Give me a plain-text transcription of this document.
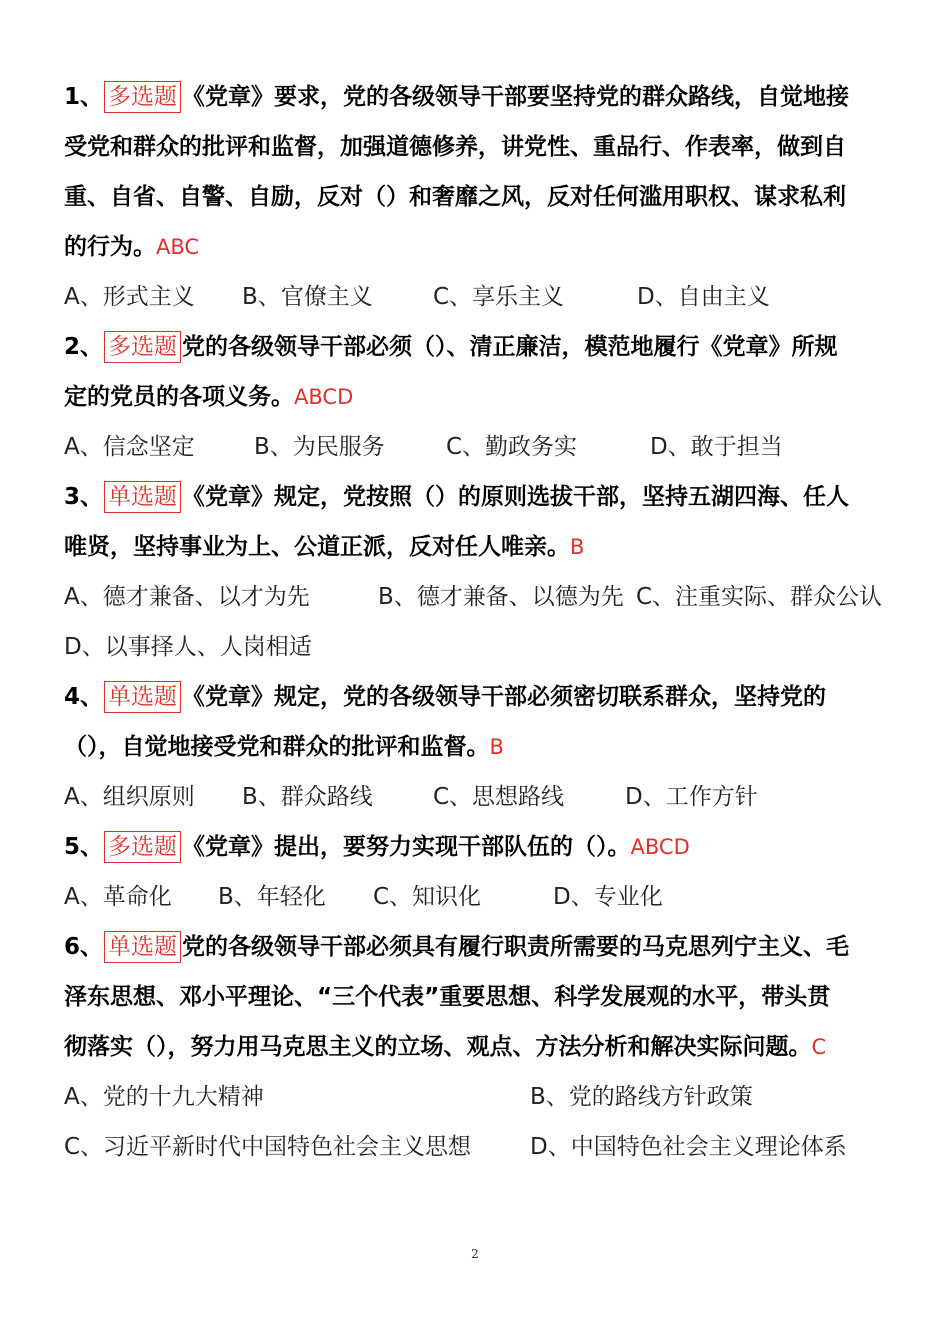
1、 多选题 《党章》要求，党的各级领导干部要坚持党的群众路线，自觉地接
受党和群众的批评和监督，加强道德修养，讲党性、重品行、作表率，做到自
重、自省、自警、自励，反对（）和奢靡之风，反对任何滥用职权、谋求私利
的行为。ABC
A、形式主义 B、官僚主义	C、享乐主义	D、自由主义
2、 多选题 党的各级领导干部必须（）、清正廉洁，模范地履行《党章》所规
定的党员的各项义务。ABCD
A、信念坚定	B、为民服务	C、勤政务实	D、敢于担当
3、 单选题 《党章》规定，党按照（）的原则选拔干部，坚持五湖四海、任人
唯贤，坚持事业为上、公道正派，反对任人唯亲。B
A、德才兼备、以才为先	B、德才兼备、以德为先 C、注重实际、群众公认
D、以事择人、人岗相适
4、 单选题 《党章》规定，党的各级领导干部必须密切联系群众，坚持党的
（），自觉地接受党和群众的批评和监督。B
A、组织原则 B、群众路线	C、思想路线	D、工作方针
5、 多选题 《党章》提出，要努力实现干部队伍的（）。ABCD
A、革命化 B、年轻化 C、知识化	D、专业化
6、 单选题 党的各级领导干部必须具有履行职责所需要的马克思列宁主义、毛
泽东思想、邓小平理论、“三个代表”重要思想、科学发展观的水平，带头贯
彻落实（），努力用马克思主义的立场、观点、方法分析和解决实际问题。C
A、党的十九大精神	B、党的路线方针政策
C、习近平新时代中国特色社会主义思想	D、中国特色社会主义理论体系
2
